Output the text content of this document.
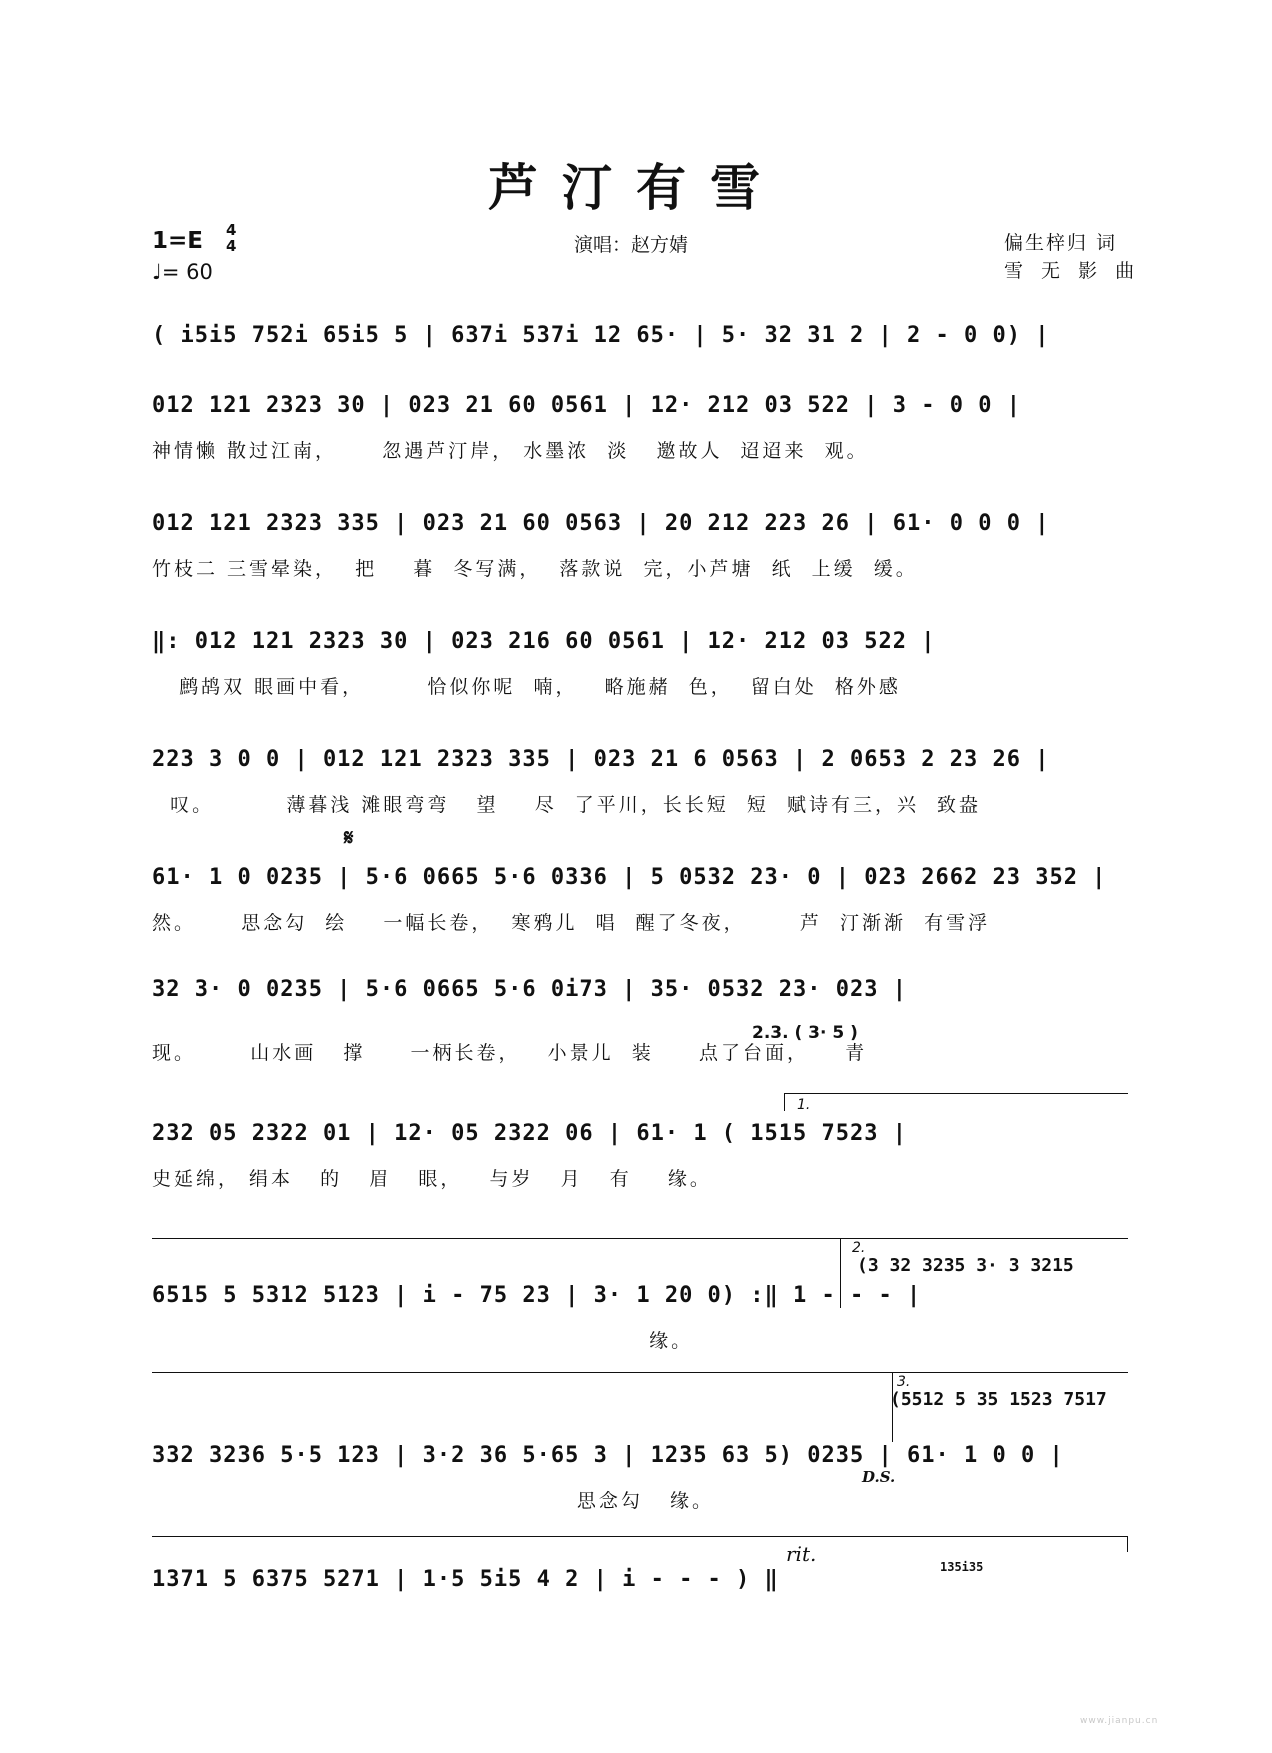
芦汀有雪
1=E 4
4
♩= 60
演唱：赵方婧	偏生梓归 词
雪 无 影 曲
( i5i5 752i 65i5 5 | 637i 537i 12 65· | 5· 32 31 2 | 2 - 0 0) |
012 121 2323 30 | 023 21 60 0561 | 12· 212 03 522 | 3 - 0 0 |
神情懒 散过江南，     忽遇芦汀岸， 水墨浓  淡   邀故人  迢迢来  观。
012 121 2323 335 | 023 21 60 0563 | 20 212 223 26 | 61· 0 0 0 |
竹枝二 三雪晕染，  把    暮  冬写满，  落款说  完，小芦塘  纸  上缓  缓。
‖: 012 121 2323 30 | 023 216 60 0561 | 12· 212 03 522 |
鹧鸪双 眼画中看，       恰似你呢  喃，   略施赭  色，  留白处  格外感
223 3 0 0 | 012 121 2323 335 | 023 21 6 0563 | 2 0653 2 23 26 |
叹。        薄暮浅 滩眼弯弯   望    尽  了平川，长长短  短  赋诗有三，兴  致盎
𝄋
61· 1 0 0235 | 5·6 0665 5·6 0336 | 5 0532 23· 0 | 023 2662 23 352 |
然。     思念勾  绘    一幅长卷，  寒鸦儿  唱  醒了冬夜，      芦  汀渐渐  有雪浮
32 3· 0 0235 | 5·6 0665 5·6 0i73 | 35· 0532 23· 023 |
现。      山水画   撑     一柄长卷，   小景儿  装     点了台面，    青
2.3. ( 3· 5 )
1.
232 05 2322 01 | 12· 05 2322 06 | 61· 1 ( 1515 7523 |
史延绵， 绢本   的   眉   眼，   与岁   月   有    缘。
2.
(3 32 3235 3· 3 3215
6515 5 5312 5123 | i - 75 23 | 3· 1 20 0) :‖ 1 - - - |
缘。
3.
(5512 5 35 1523 7517
332 3236 5·5 123 | 3·2 36 5·65 3 | 1235 63 5) 0235 | 61· 1 0 0 |
思念勾   缘。
D.S.
rit.
135i35
1371 5 6375 5271 | 1·5 5i5 4 2 | i - - - ) ‖
www.jianpu.cn
